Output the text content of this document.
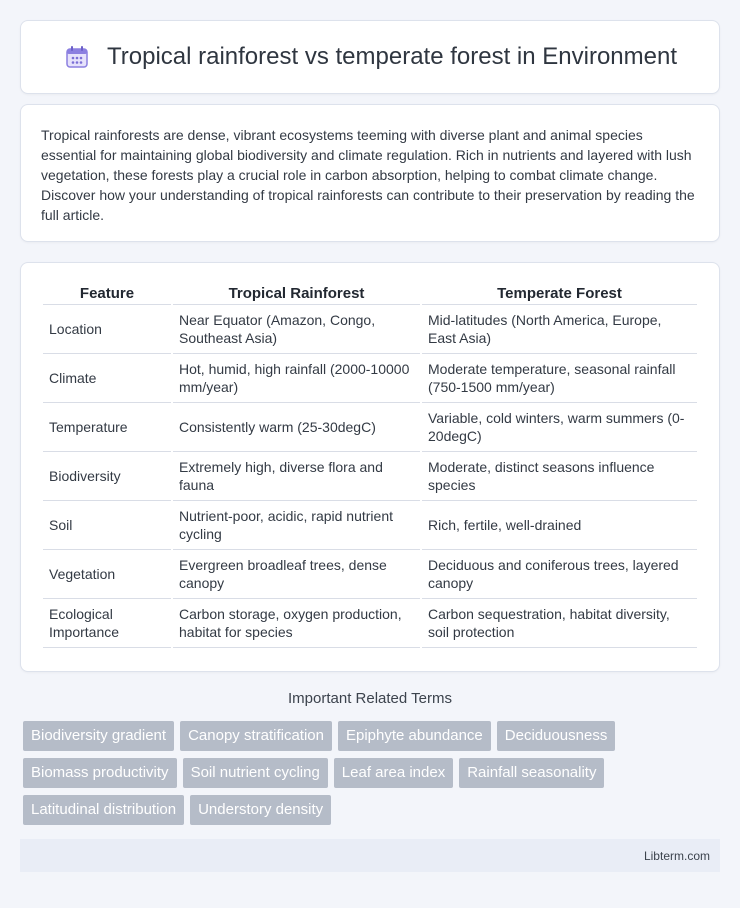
Tropical rainforest vs temperate forest in Environment

Tropical rainforests are dense, vibrant ecosystems teeming with diverse plant and animal species essential for maintaining global biodiversity and climate regulation. Rich in nutrients and layered with lush vegetation, these forests play a crucial role in carbon absorption, helping to combat climate change. Discover how your understanding of tropical rainforests can contribute to their preservation by reading the full article.

Feature	Tropical Rainforest	Temperate Forest
Location	Near Equator (Amazon, Congo, Southeast Asia)	Mid-latitudes (North America, Europe, East Asia)
Climate	Hot, humid, high rainfall (2000-10000 mm/year)	Moderate temperature, seasonal rainfall (750-1500 mm/year)
Temperature	Consistently warm (25-30degC)	Variable, cold winters, warm summers (0-20degC)
Biodiversity	Extremely high, diverse flora and fauna	Moderate, distinct seasons influence species
Soil	Nutrient-poor, acidic, rapid nutrient cycling	Rich, fertile, well-drained
Vegetation	Evergreen broadleaf trees, dense canopy	Deciduous and coniferous trees, layered canopy
Ecological Importance	Carbon storage, oxygen production, habitat for species	Carbon sequestration, habitat diversity, soil protection
Important Related Terms
Biodiversity gradient	Canopy stratification	Epiphyte abundance	Deciduousness
Biomass productivity	Soil nutrient cycling	Leaf area index	Rainfall seasonality
Latitudinal distribution	Understory density
Libterm.com
